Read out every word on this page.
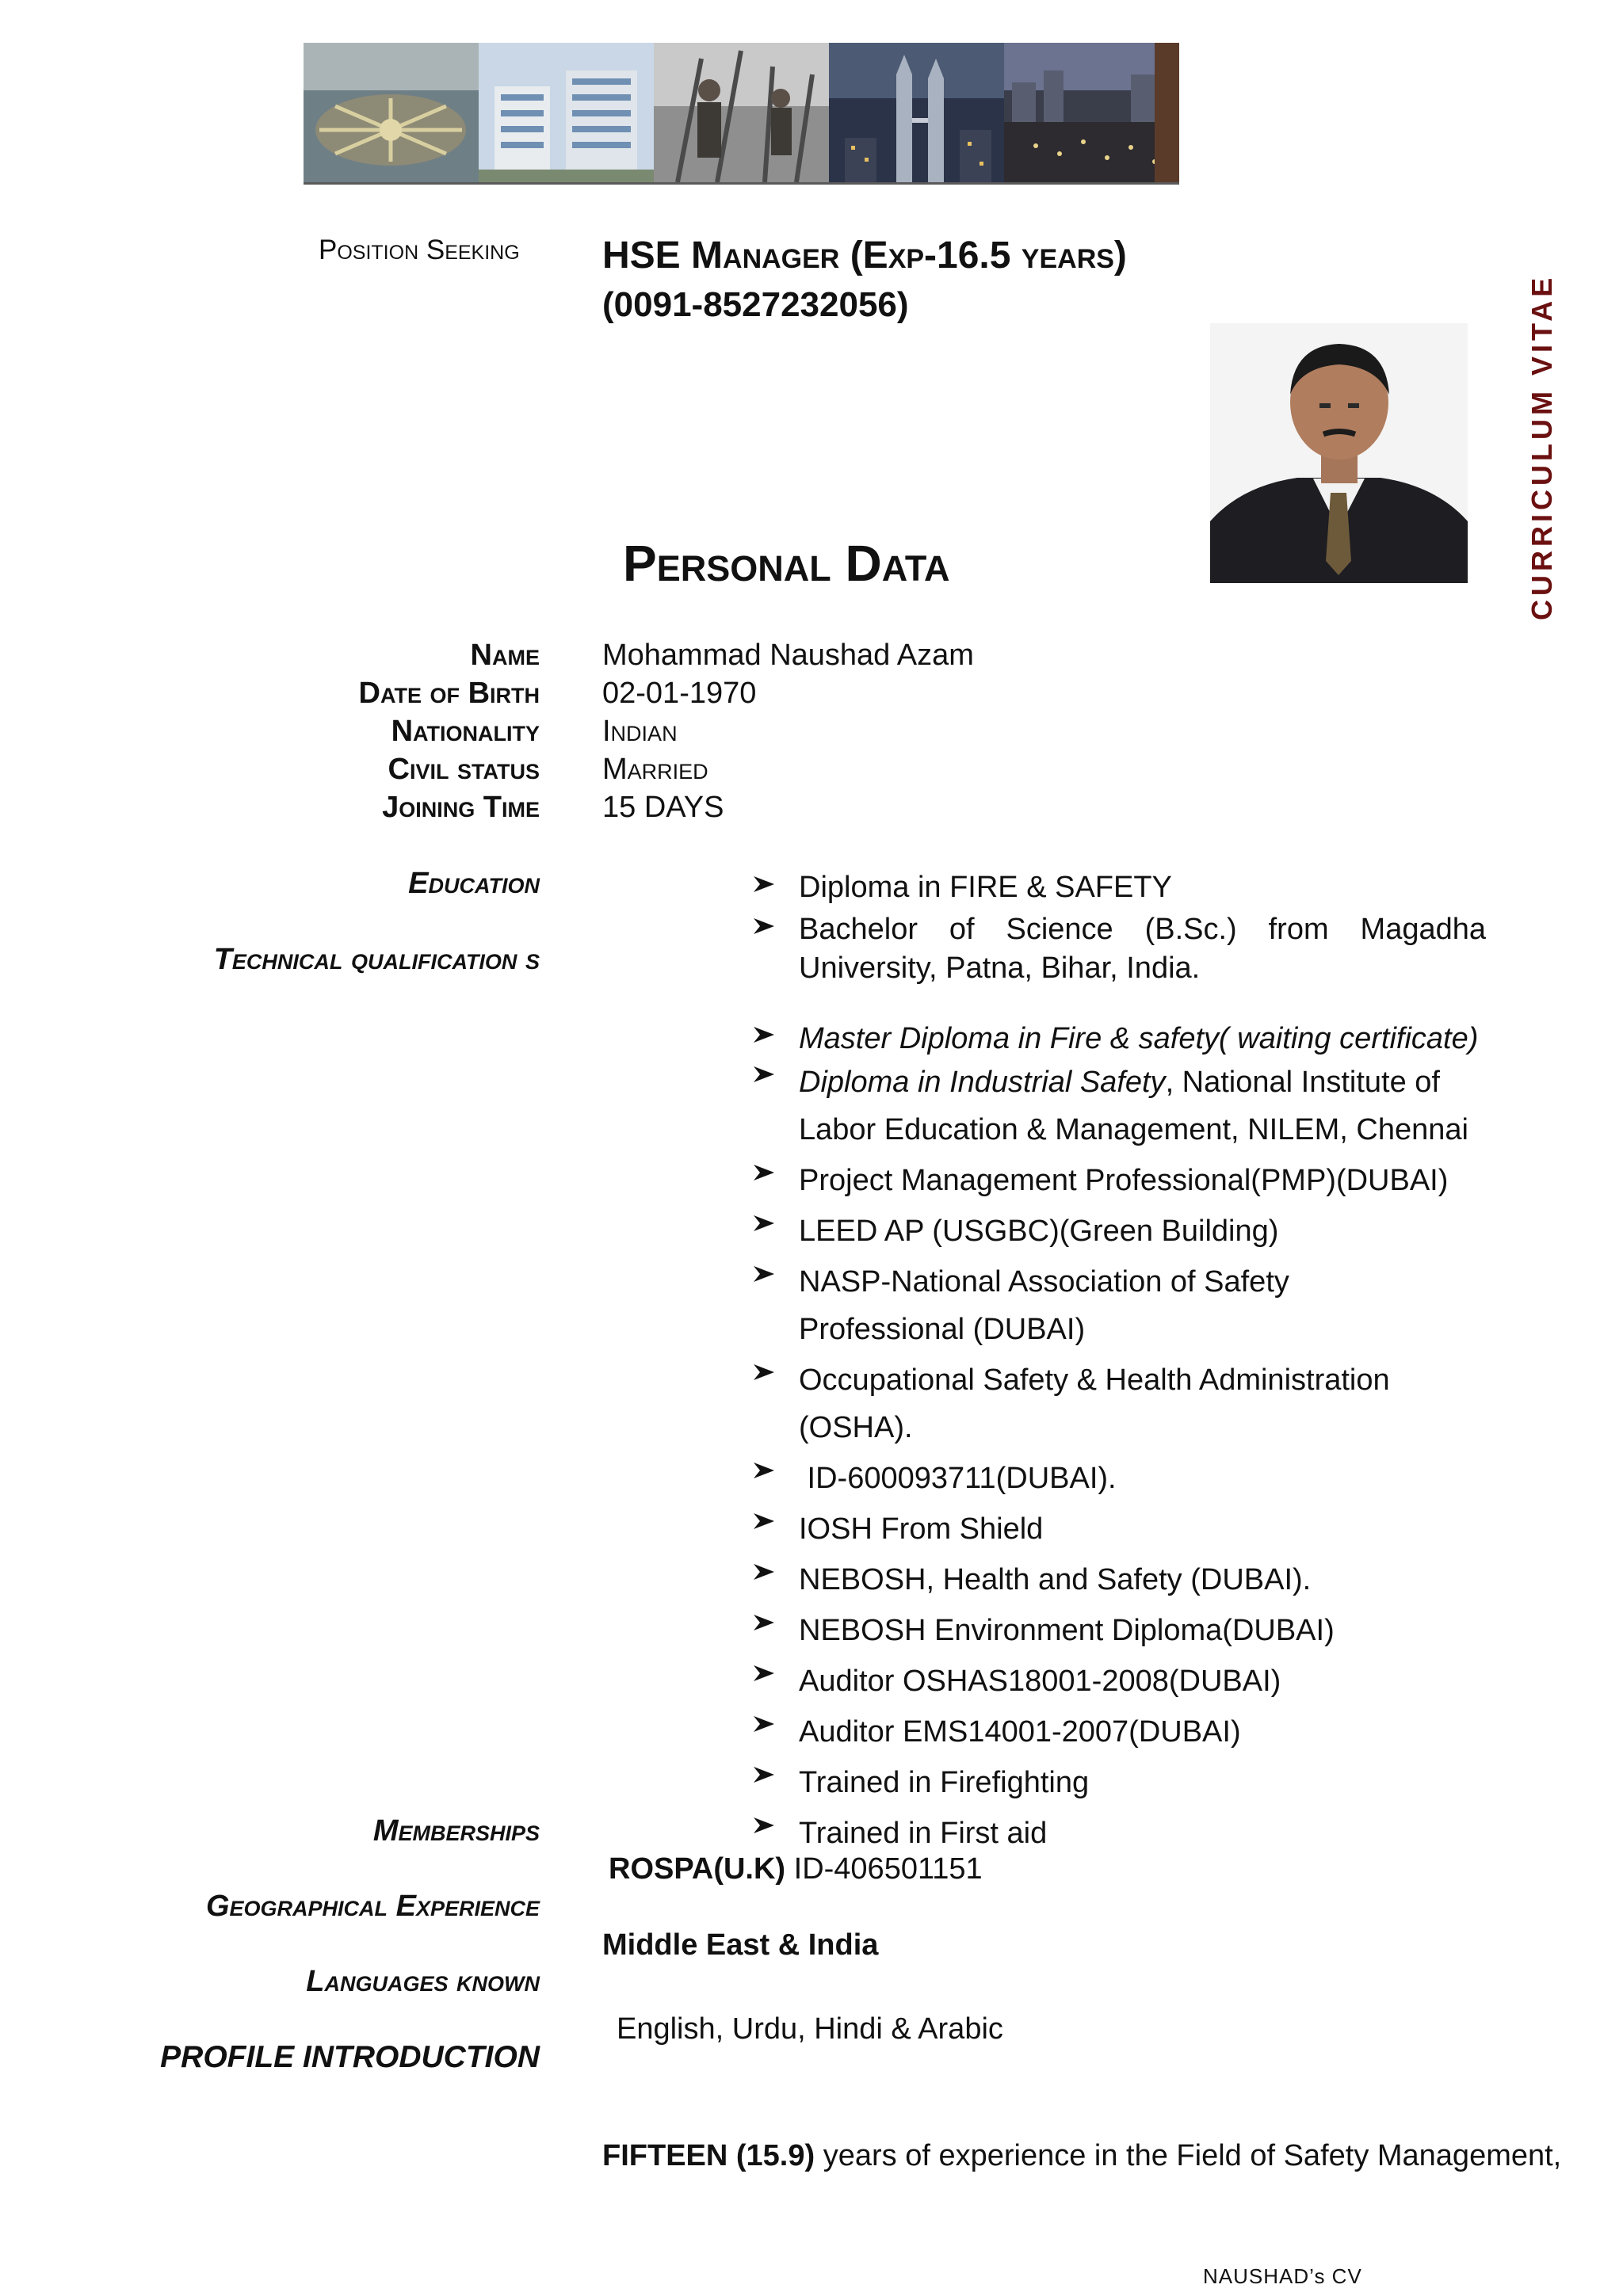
Position Seeking HSE Manager (Exp-16.5 years)
(0091-8527232056)	CURRICULUM VITAE
Personal Data
Name Mohammad Naushad Azam
Date of Birth 02-01-1970
Nationality Indian
Civil status Married
Joining Time 15 DAYS
Education
Technical qualification s
Memberships
Geographical Experience
Languages known
PROFILE INTRODUCTION
Diploma in FIRE & SAFETY
Bachelor of Science (B.Sc.) from Magadha University, Patna, Bihar, India.
Master Diploma in Fire & safety( waiting certificate)
Diploma in Industrial Safety, National Institute of Labor Education & Management, NILEM, Chennai
Project Management Professional(PMP)(DUBAI)
LEED AP (USGBC)(Green Building)
NASP-National Association of Safety Professional (DUBAI)
Occupational Safety & Health Administration (OSHA).
ID-600093711(DUBAI).
IOSH From Shield
NEBOSH, Health and Safety (DUBAI).
NEBOSH Environment Diploma(DUBAI)
Auditor OSHAS18001-2008(DUBAI)
Auditor EMS14001-2007(DUBAI)
Trained in Firefighting
Trained in First aid
ROSPA(U.K) ID-406501151
Middle East & India
English, Urdu, Hindi & Arabic
FIFTEEN (15.9) years of experience in the Field of Safety Management,
NAUSHAD’s CV
